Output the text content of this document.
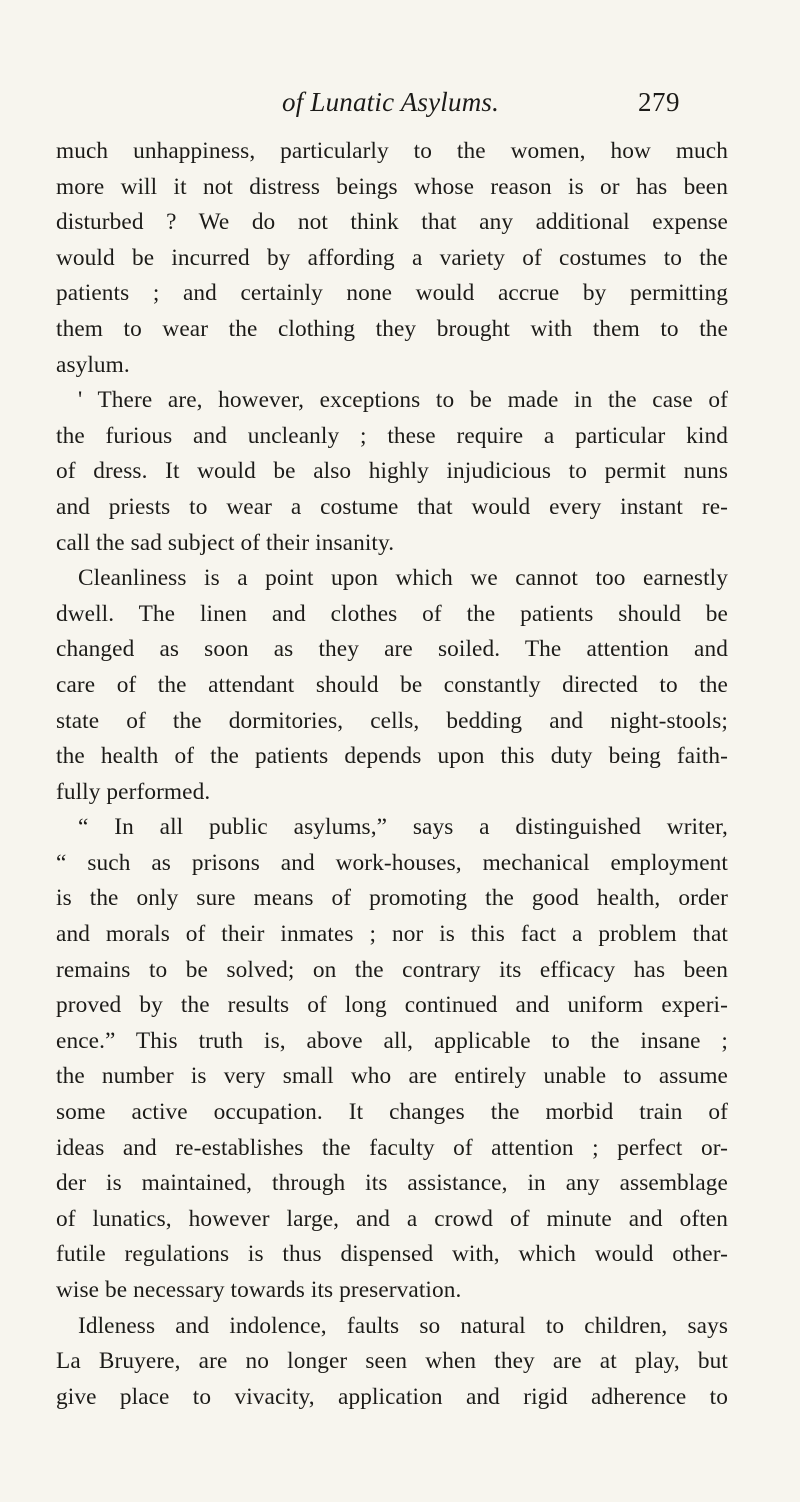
of Lunatic Asylums.	279
much unhappiness, particularly to the women, how much
more will it not distress beings whose reason is or has been
disturbed ? We do not think that any additional expense
would be incurred by affording a variety of costumes to the
patients ; and certainly none would accrue by permitting
them to wear the clothing they brought with them to the
asylum.
' There are, however, exceptions to be made in the case of
the furious and uncleanly ; these require a particular kind
of dress. It would be also highly injudicious to permit nuns
and priests to wear a costume that would every instant re-
call the sad subject of their insanity.
Cleanliness is a point upon which we cannot too earnestly
dwell. The linen and clothes of the patients should be
changed as soon as they are soiled. The attention and
care of the attendant should be constantly directed to the
state of the dormitories, cells, bedding and night-stools;
the health of the patients depends upon this duty being faith-
fully performed.
“ In all public asylums,” says a distinguished writer,
“ such as prisons and work-houses, mechanical employment
is the only sure means of promoting the good health, order
and morals of their inmates ; nor is this fact a problem that
remains to be solved; on the contrary its efficacy has been
proved by the results of long continued and uniform experi-
ence.” This truth is, above all, applicable to the insane ;
the number is very small who are entirely unable to assume
some active occupation. It changes the morbid train of
ideas and re-establishes the faculty of attention ; perfect or-
der is maintained, through its assistance, in any assemblage
of lunatics, however large, and a crowd of minute and often
futile regulations is thus dispensed with, which would other-
wise be necessary towards its preservation.
Idleness and indolence, faults so natural to children, says
La Bruyere, are no longer seen when they are at play, but
give place to vivacity, application and rigid adherence to
